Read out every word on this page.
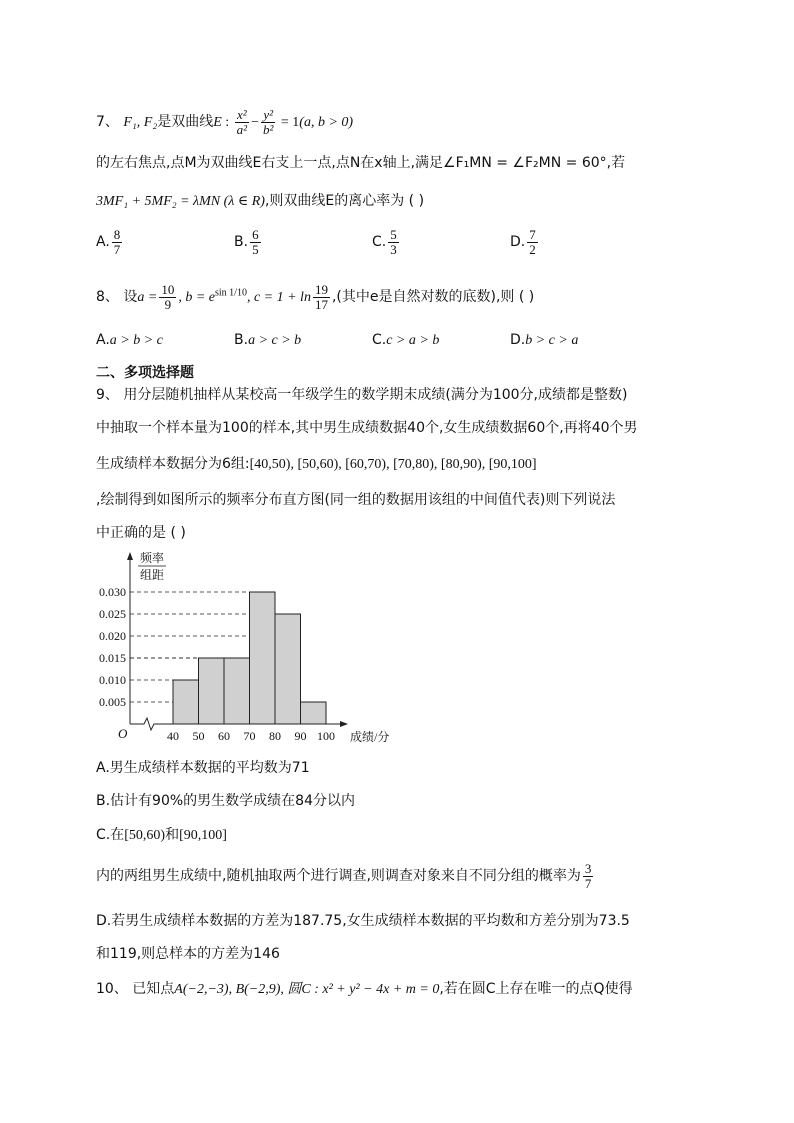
7、 F₁, F₂是双曲线E : $\frac{\text{x²}}{\text{a²}} - \frac{\text{y²}}{\text{b²}} = 1(a$, b > 0)
的左右焦点,点M为双曲线E右支上一点,点N在x轴上,满足∠F₁MN = ∠F₂MN = 60°,若
3MF₁ + 5MF₂ = λMN (λ ∈ R),则双曲线E的离心率为 ( )
A. $\frac{8}{7}$	B. $\frac{6}{5}$	C. $\frac{5}{3}$	D. $\frac{7}{2}$
8、 设$a = \frac{10}{9}$ , $b = e^{sin 1/10}$, $c = 1 + \ln \frac{19}{17}$ ,(其中e是自然对数的底数),则 ( )
A.a > b > c	B.a > c > b	C.c > a > b	D.b > c > a
二、多项选择题
9、 用分层随机抽样从某校高一年级学生的数学期末成绩(满分为100分,成绩都是整数)
中抽取一个样本量为100的样本,其中男生成绩数据40个,女生成绩数据60个,再将40个男
生成绩样本数据分为6组:[40,50), [50,60), [60,70), [70,80), [80,90), [90,100]
,绘制得到如图所示的频率分布直方图(同一组的数据用该组的中间值代表)则下列说法
中正确的是 ( )
0.005
0.010
0.015
0.020
0.025
0.030
40 50 60 70 80 90 100
O
频率
组距
成绩/分
A.男生成绩样本数据的平均数为71
B.估计有90%的男生数学成绩在84分以内
C.在[50,60)和[90,100]
内的两组男生成绩中,随机抽取两个进行调查,则调查对象来自不同分组的概率为 $\frac{3}{7}$
D.若男生成绩样本数据的方差为187.75,女生成绩样本数据的平均数和方差分别为73.5
和119,则总样本的方差为146
10、 已知点A(−2,−3), B(−2,9), 圆C : x² + y² − 4x + m = 0,若在圆C上存在唯一的点Q使得
